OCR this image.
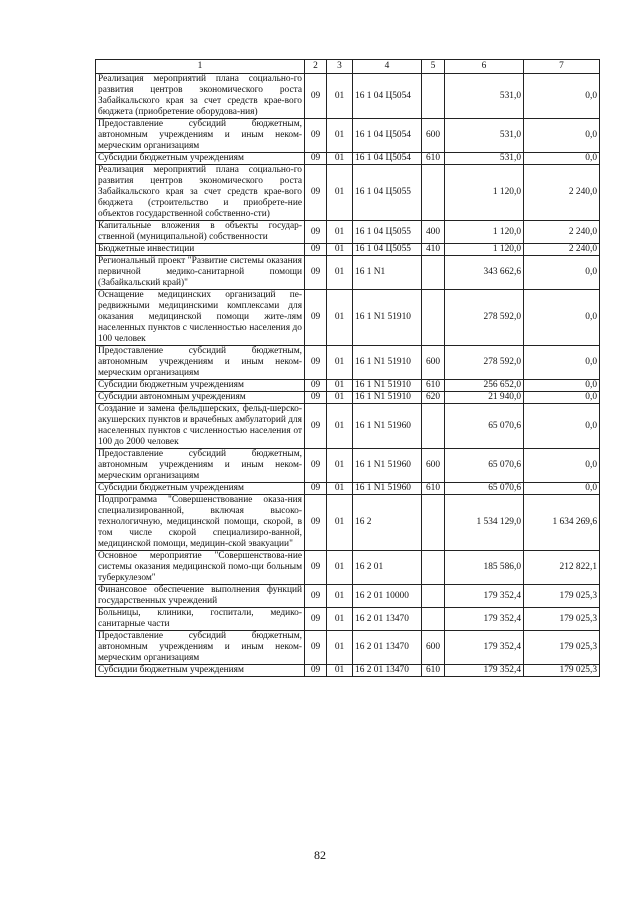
1	2	3	4	5	6	7
Реализация мероприятий плана социально-го развития центров экономического роста Забайкальского края за счет средств крае-вого бюджета (приобретение оборудова-ния)	09	01	16 1 04 Ц5054		531,0	0,0
Предоставление субсидий бюджетным, автономным учреждениям и иным неком-мерческим организациям	09	01	16 1 04 Ц5054	600	531,0	0,0
Субсидии бюджетным учреждениям	09	01	16 1 04 Ц5054	610	531,0	0,0
Реализация мероприятий плана социально-го развития центров экономического роста Забайкальского края за счет средств крае-вого бюджета (строительство и приобрете-ние объектов государственной собственно-сти)	09	01	16 1 04 Ц5055		1 120,0	2 240,0
Капитальные вложения в объекты государ-ственной (муниципальной) собственности	09	01	16 1 04 Ц5055	400	1 120,0	2 240,0
Бюджетные инвестиции	09	01	16 1 04 Ц5055	410	1 120,0	2 240,0
Региональный проект "Развитие системы оказания первичной медико-санитарной помощи (Забайкальский край)"	09	01	16 1 N1		343 662,6	0,0
Оснащение медицинских организаций пе-редвижными медицинскими комплексами для оказания медицинской помощи жите-лям населенных пунктов с численностью населения до 100 человек	09	01	16 1 N1 51910		278 592,0	0,0
Предоставление субсидий бюджетным, автономным учреждениям и иным неком-мерческим организациям	09	01	16 1 N1 51910	600	278 592,0	0,0
Субсидии бюджетным учреждениям	09	01	16 1 N1 51910	610	256 652,0	0,0
Субсидии автономным учреждениям	09	01	16 1 N1 51910	620	21 940,0	0,0
Создание и замена фельдшерских, фельд-шерско-акушерских пунктов и врачебных амбулаторий для населенных пунктов с численностью населения от 100 до 2000 человек	09	01	16 1 N1 51960		65 070,6	0,0
Предоставление субсидий бюджетным, автономным учреждениям и иным неком-мерческим организациям	09	01	16 1 N1 51960	600	65 070,6	0,0
Субсидии бюджетным учреждениям	09	01	16 1 N1 51960	610	65 070,6	0,0
Подпрограмма "Совершенствование оказа-ния специализированной, включая высоко-технологичную, медицинской помощи, скорой, в том числе скорой специализиро-ванной, медицинской помощи, медицин-ской эвакуации"	09	01	16 2		1 534 129,0	1 634 269,6
Основное мероприятие "Совершенствова-ние системы оказания медицинской помо-щи больным туберкулезом"	09	01	16 2 01		185 586,0	212 822,1
Финансовое обеспечение выполнения функций государственных учреждений	09	01	16 2 01 10000		179 352,4	179 025,3
Больницы, клиники, госпитали, медико-санитарные части	09	01	16 2 01 13470		179 352,4	179 025,3
Предоставление субсидий бюджетным, автономным учреждениям и иным неком-мерческим организациям	09	01	16 2 01 13470	600	179 352,4	179 025,3
Субсидии бюджетным учреждениям	09	01	16 2 01 13470	610	179 352,4	179 025,3
82
